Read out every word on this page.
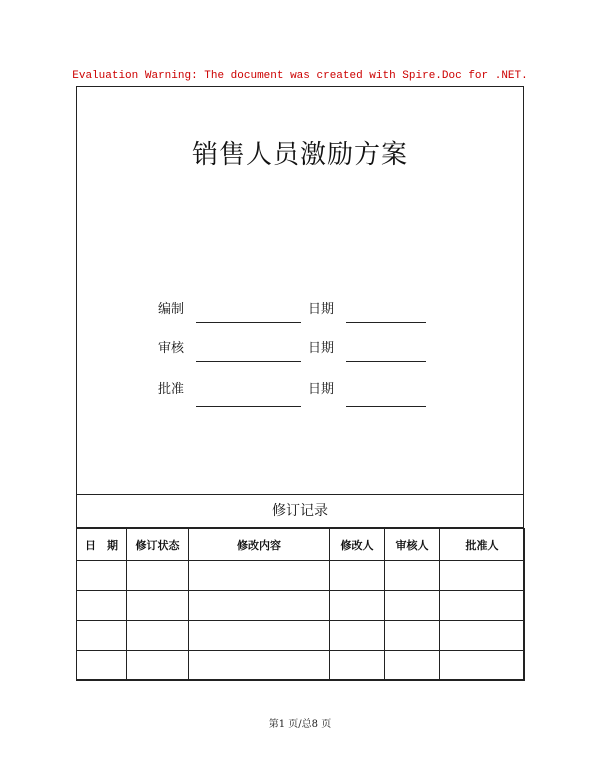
Evaluation Warning: The document was created with Spire.Doc for .NET.
销售人员激励方案
编制	日期
审核	日期
批准	日期
修订记录
日　期	修订状态	修改内容	修改人	审核人	批准人

第1 页/总8 页
